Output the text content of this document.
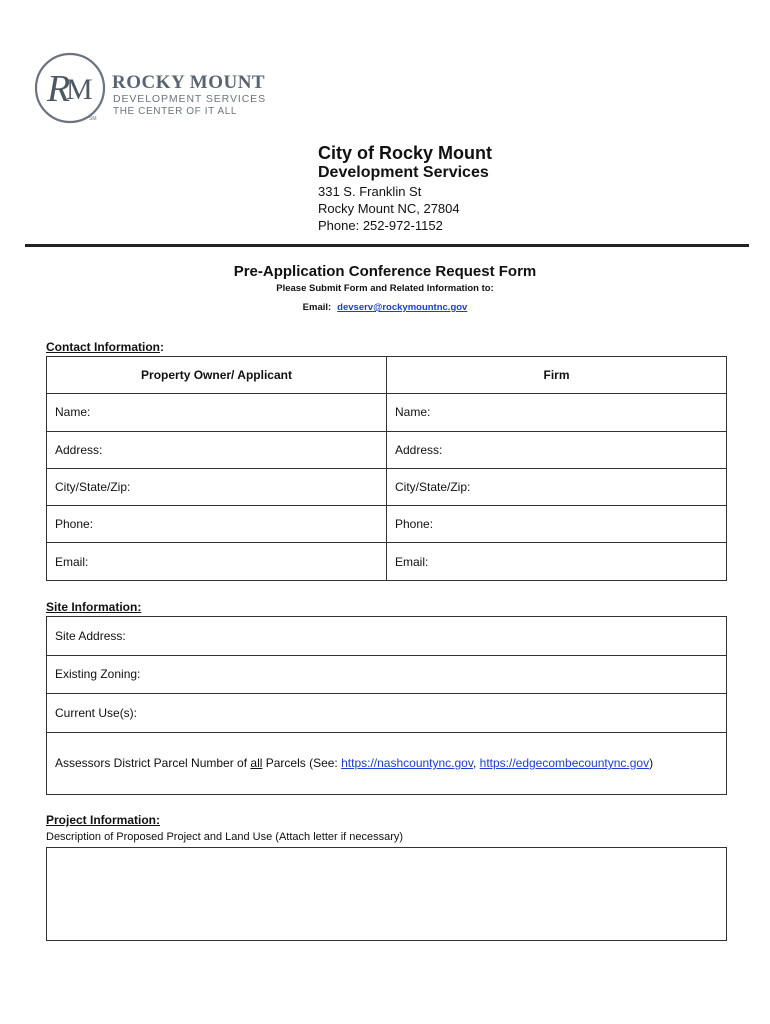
R
M
SM
ROCKY MOUNT
DEVELOPMENT SERVICES
THE CENTER OF IT ALL
City of Rocky Mount
Development Services
331 S. Franklin St
Rocky Mount NC, 27804
Phone: 252-972-1152
Pre-Application Conference Request Form
Please Submit Form and Related Information to:
Email: devserv@rockymountnc.gov
Contact Information:
Property Owner/ Applicant	Firm
Name:	Name:
Address:	Address:
City/State/Zip:	City/State/Zip:
Phone:	Phone:
Email:	Email:
Site Information:
Site Address:
Existing Zoning:
Current Use(s):
Assessors District Parcel Number of all Parcels (See: https://nashcountync.gov, https://edgecombecountync.gov)
Project Information:
Description of Proposed Project and Land Use (Attach letter if necessary)
